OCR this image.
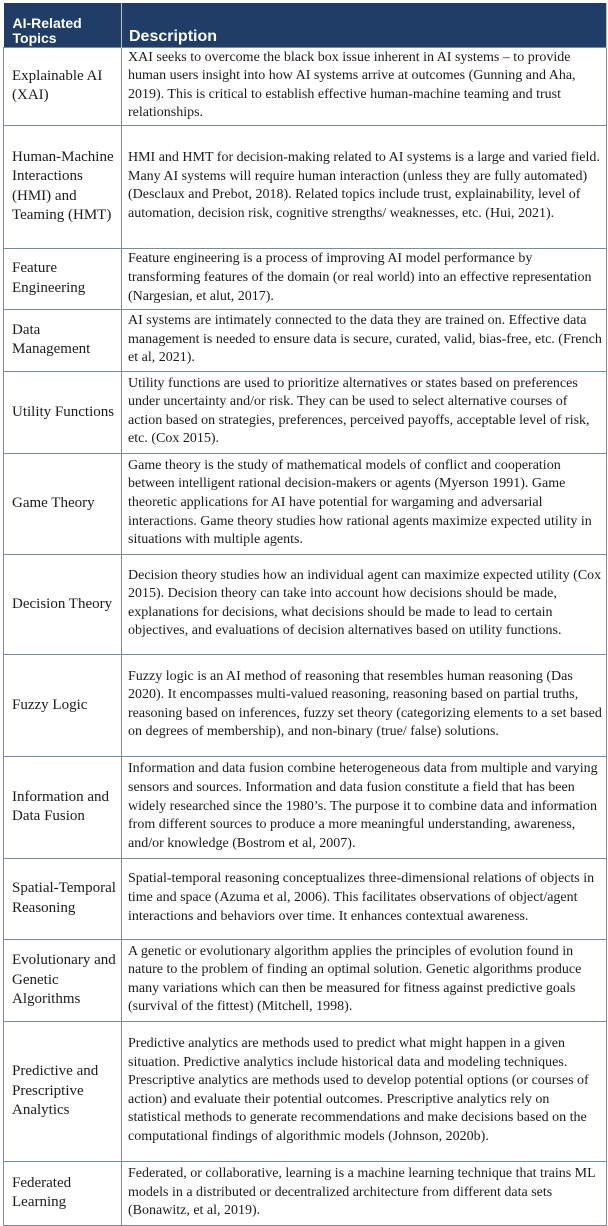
AI-Related Topics	Description
Explainable AI (XAI)	XAI seeks to overcome the black box issue inherent in AI systems – to provide human users insight into how AI systems arrive at outcomes (Gunning and Aha, 2019). This is critical to establish effective human-machine teaming and trust relationships.
Human-Machine Interactions (HMI) and Teaming (HMT)	HMI and HMT for decision-making related to AI systems is a large and varied field. Many AI systems will require human interaction (unless they are fully automated) (Desclaux and Prebot, 2018). Related topics include trust, explainability, level of automation, decision risk, cognitive strengths/ weaknesses, etc. (Hui, 2021).
Feature Engineering	Feature engineering is a process of improving AI model performance by transforming features of the domain (or real world) into an effective representation (Nargesian, et alut, 2017).
Data Management	AI systems are intimately connected to the data they are trained on. Effective data management is needed to ensure data is secure, curated, valid, bias-free, etc. (French et al, 2021).
Utility Functions	Utility functions are used to prioritize alternatives or states based on preferences under uncertainty and/or risk. They can be used to select alternative courses of action based on strategies, preferences, perceived payoffs, acceptable level of risk, etc. (Cox 2015).
Game Theory	Game theory is the study of mathematical models of conflict and cooperation between intelligent rational decision-makers or agents (Myerson 1991). Game theoretic applications for AI have potential for wargaming and adversarial interactions. Game theory studies how rational agents maximize expected utility in situations with multiple agents.
Decision Theory	Decision theory studies how an individual agent can maximize expected utility (Cox 2015). Decision theory can take into account how decisions should be made, explanations for decisions, what decisions should be made to lead to certain objectives, and evaluations of decision alternatives based on utility functions.
Fuzzy Logic	Fuzzy logic is an AI method of reasoning that resembles human reasoning (Das 2020). It encompasses multi-valued reasoning, reasoning based on partial truths, reasoning based on inferences, fuzzy set theory (categorizing elements to a set based on degrees of membership), and non-binary (true/ false) solutions.
Information and Data Fusion	Information and data fusion combine heterogeneous data from multiple and varying sensors and sources. Information and data fusion constitute a field that has been widely researched since the 1980’s. The purpose it to combine data and information from different sources to produce a more meaningful understanding, awareness, and/or knowledge (Bostrom et al, 2007).
Spatial-Temporal Reasoning	Spatial-temporal reasoning conceptualizes three-dimensional relations of objects in time and space (Azuma et al, 2006). This facilitates observations of object/agent interactions and behaviors over time. It enhances contextual awareness.
Evolutionary and Genetic Algorithms	A genetic or evolutionary algorithm applies the principles of evolution found in nature to the problem of finding an optimal solution. Genetic algorithms produce many variations which can then be measured for fitness against predictive goals (survival of the fittest) (Mitchell, 1998).
Predictive and Prescriptive Analytics	Predictive analytics are methods used to predict what might happen in a given situation. Predictive analytics include historical data and modeling techniques. Prescriptive analytics are methods used to develop potential options (or courses of action) and evaluate their potential outcomes. Prescriptive analytics rely on statistical methods to generate recommendations and make decisions based on the computational findings of algorithmic models (Johnson, 2020b).
Federated Learning	Federated, or collaborative, learning is a machine learning technique that trains ML models in a distributed or decentralized architecture from different data sets (Bonawitz, et al, 2019).
